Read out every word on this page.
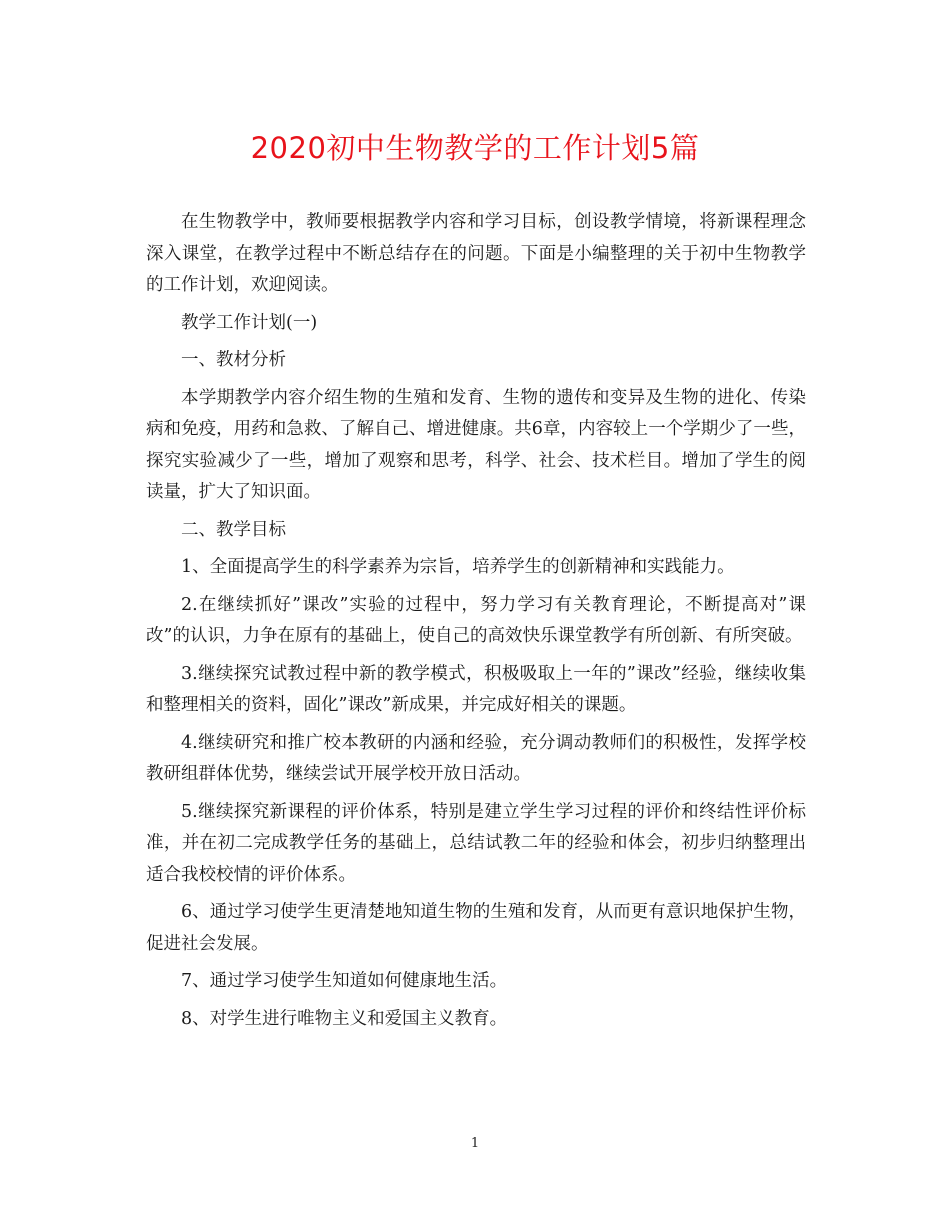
2020初中生物教学的工作计划5篇

在生物教学中，教师要根据教学内容和学习目标，创设教学情境，将新课程理念深入课堂，在教学过程中不断总结存在的问题。下面是小编整理的关于初中生物教学的工作计划，欢迎阅读。

教学工作计划(一)

一、教材分析

本学期教学内容介绍生物的生殖和发育、生物的遗传和变异及生物的进化、传染病和免疫，用药和急救、了解自己、增进健康。共6章，内容较上一个学期少了一些，探究实验减少了一些，增加了观察和思考，科学、社会、技术栏目。增加了学生的阅读量，扩大了知识面。

二、教学目标

1、全面提高学生的科学素养为宗旨，培养学生的创新精神和实践能力。

2.在继续抓好”课改”实验的过程中，努力学习有关教育理论，不断提高对”课改”的认识，力争在原有的基础上，使自己的高效快乐课堂教学有所创新、有所突破。

3.继续探究试教过程中新的教学模式，积极吸取上一年的”课改”经验，继续收集和整理相关的资料，固化”课改”新成果，并完成好相关的课题。

4.继续研究和推广校本教研的内涵和经验，充分调动教师们的积极性，发挥学校教研组群体优势，继续尝试开展学校开放日活动。

5.继续探究新课程的评价体系，特别是建立学生学习过程的评价和终结性评价标准，并在初二完成教学任务的基础上，总结试教二年的经验和体会，初步归纳整理出适合我校校情的评价体系。

6、通过学习使学生更清楚地知道生物的生殖和发育，从而更有意识地保护生物，促进社会发展。

7、通过学习使学生知道如何健康地生活。

8、对学生进行唯物主义和爱国主义教育。

1
